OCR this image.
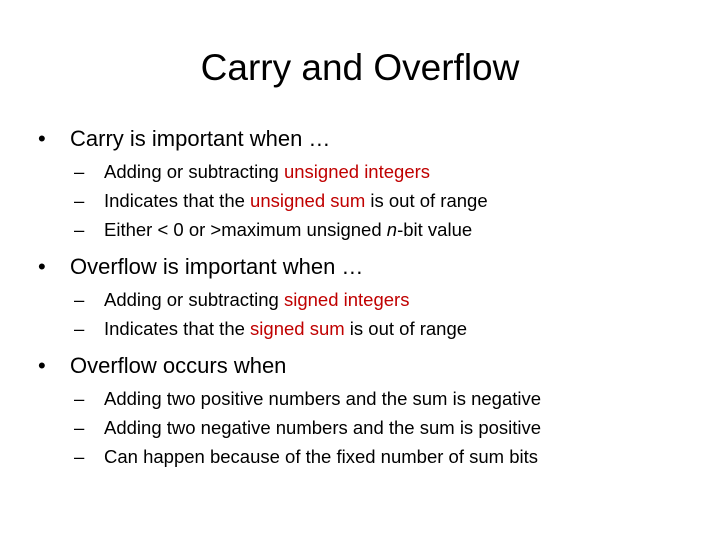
Carry and Overflow
• Carry is important when …
– Adding or subtracting unsigned integers
– Indicates that the unsigned sum is out of range
– Either < 0 or >maximum unsigned n-bit value
• Overflow is important when …
– Adding or subtracting signed integers
– Indicates that the signed sum is out of range
• Overflow occurs when
– Adding two positive numbers and the sum is negative
– Adding two negative numbers and the sum is positive
– Can happen because of the fixed number of sum bits
